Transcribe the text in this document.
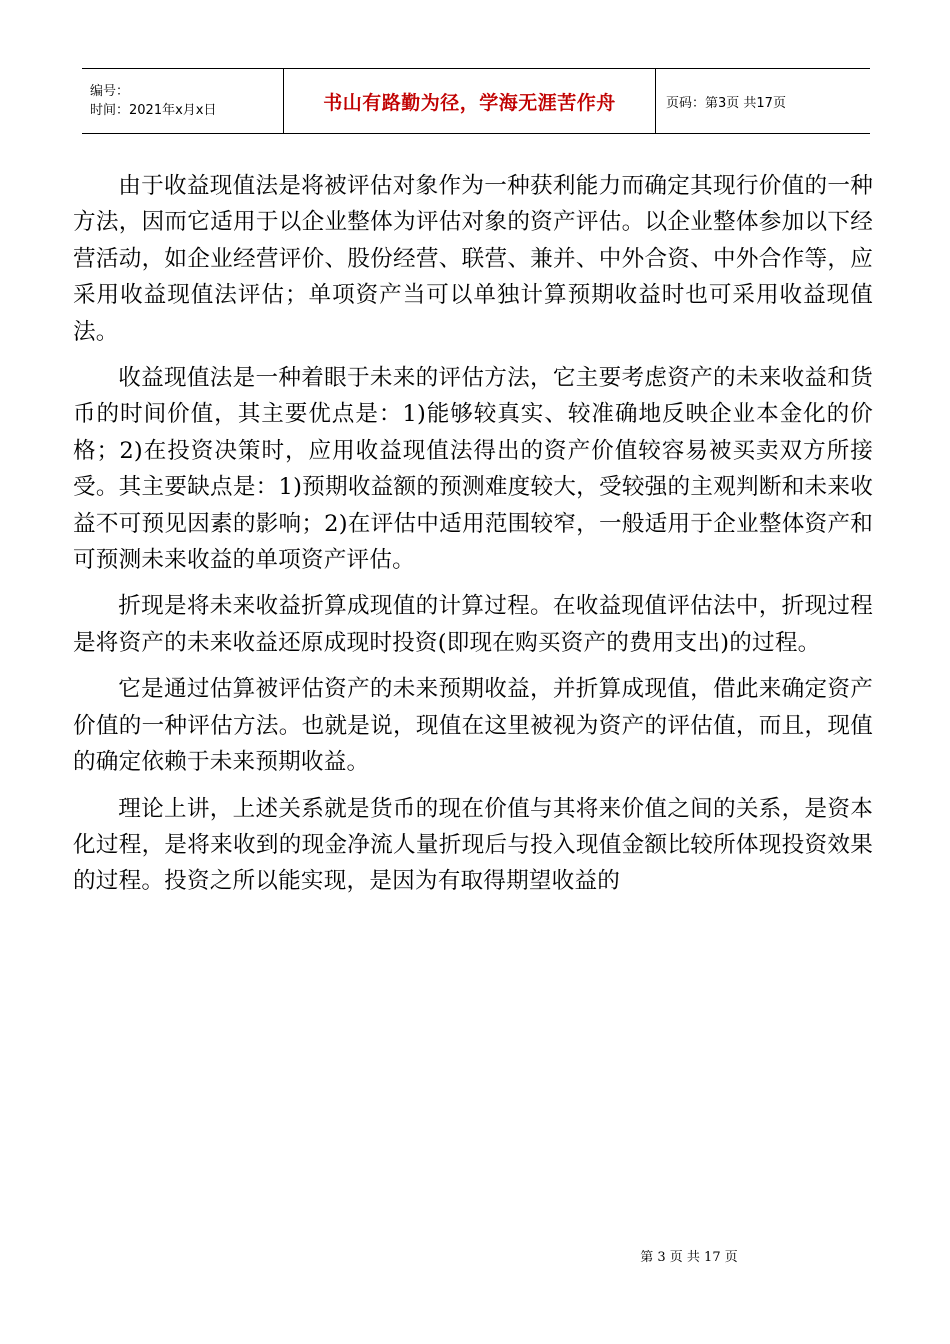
编号：
时间：2021年x月x日	书山有路勤为径，学海无涯苦作舟	页码：第3页 共17页

由于收益现值法是将被评估对象作为一种获利能力而确定其现行价值的一种方法，因而它适用于以企业整体为评估对象的资产评估。以企业整体参加以下经营活动，如企业经营评价、股份经营、联营、兼并、中外合资、中外合作等，应采用收益现值法评估；单项资产当可以单独计算预期收益时也可采用收益现值法。

收益现值法是一种着眼于未来的评估方法，它主要考虑资产的未来收益和货币的时间价值，其主要优点是：1)能够较真实、较准确地反映企业本金化的价格；2)在投资决策时，应用收益现值法得出的资产价值较容易被买卖双方所接受。其主要缺点是：1)预期收益额的预测难度较大，受较强的主观判断和未来收益不可预见因素的影响；2)在评估中适用范围较窄，一般适用于企业整体资产和可预测未来收益的单项资产评估。

折现是将未来收益折算成现值的计算过程。在收益现值评估法中，折现过程是将资产的未来收益还原成现时投资(即现在购买资产的费用支出)的过程。

它是通过估算被评估资产的未来预期收益，并折算成现值，借此来确定资产价值的一种评估方法。也就是说，现值在这里被视为资产的评估值，而且，现值的确定依赖于未来预期收益。

理论上讲，上述关系就是货币的现在价值与其将来价值之间的关系，是资本化过程，是将来收到的现金净流人量折现后与投入现值金额比较所体现投资效果的过程。投资之所以能实现，是因为有取得期望收益的

第 3 页 共 17 页
